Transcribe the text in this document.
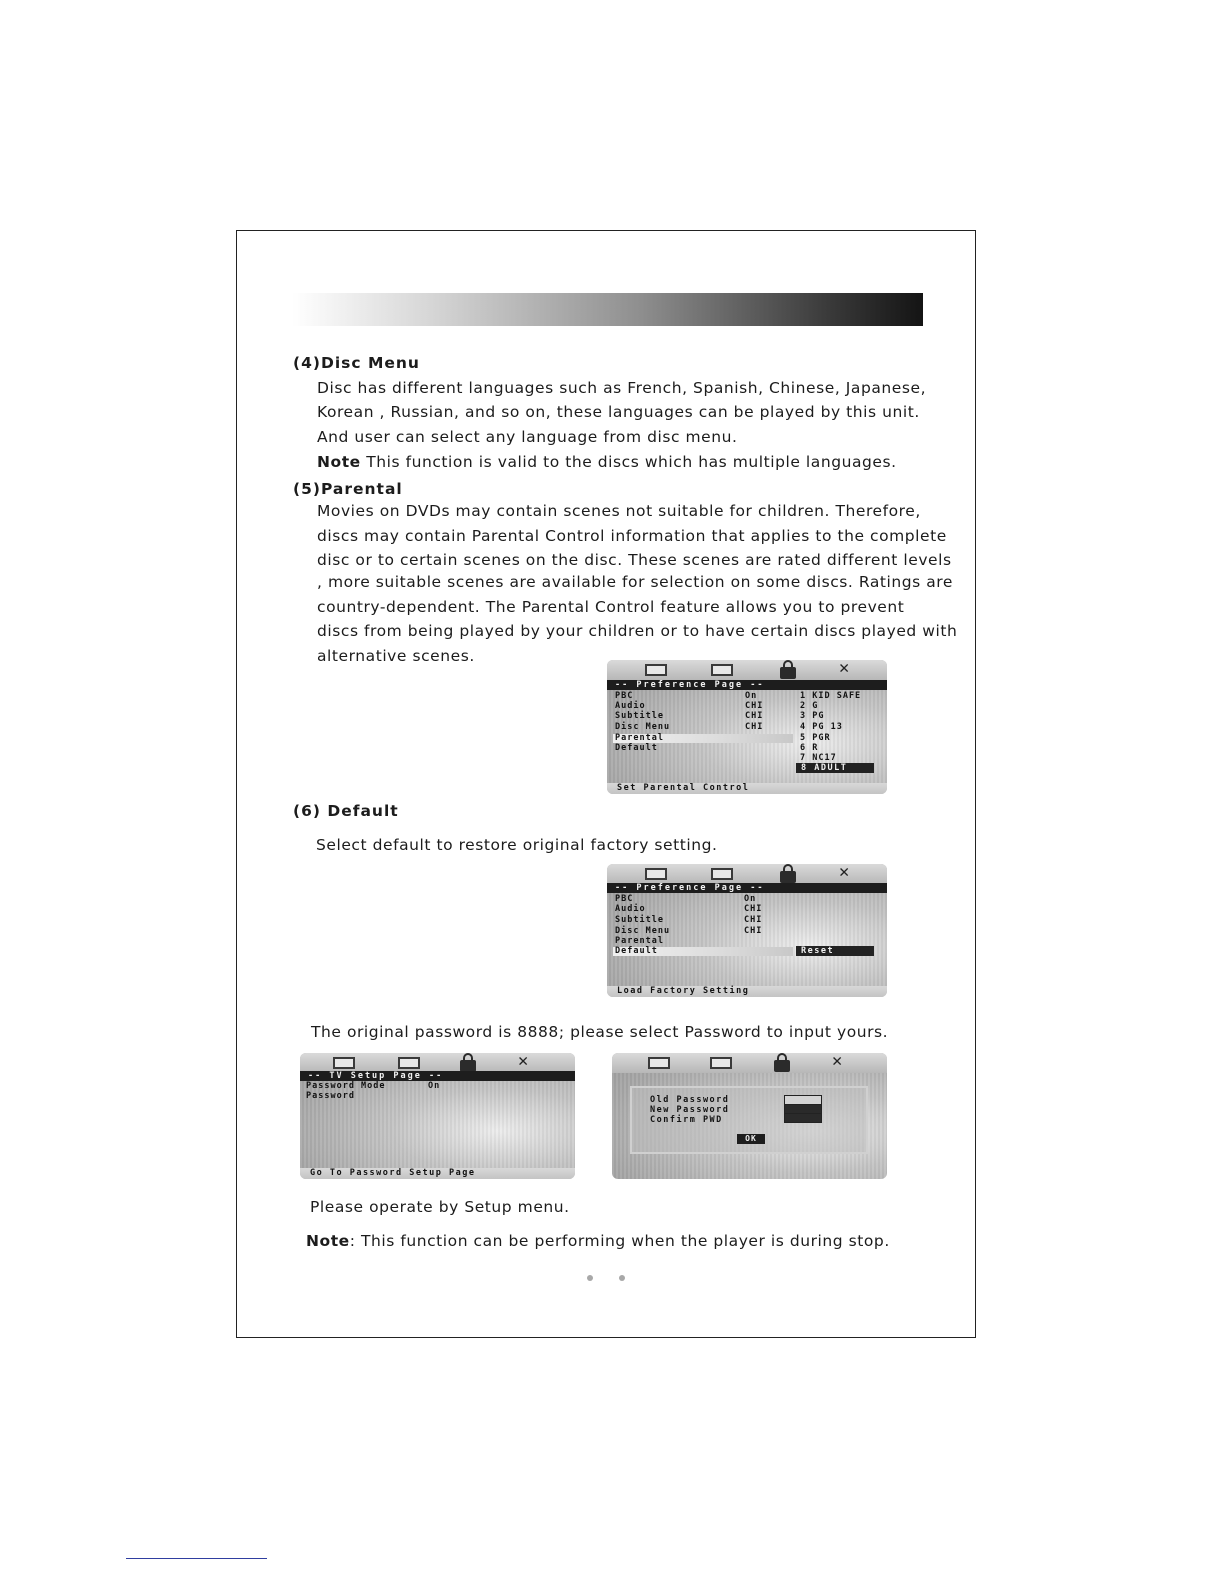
(4)Disc Menu
Disc has different languages such as French, Spanish, Chinese, Japanese,
Korean , Russian, and so on, these languages can be played by this unit.
And user can select any language from disc menu.
Note This function is valid to the discs which has multiple languages.
(5)Parental
Movies on DVDs may contain scenes not suitable for children. Therefore,
discs may contain Parental Control information that applies to the complete
disc or to certain scenes on the disc. These scenes are rated different levels
, more suitable scenes are available for selection on some discs. Ratings are
country-dependent. The Parental Control feature allows you to prevent
discs from being played by your children or to have certain discs played with
alternative scenes.
✕
-- Preference Page --
PBC
Audio
Subtitle
Disc Menu
Parental
Default
On
CHI
CHI
CHI
1 KID SAFE
2 G
3 PG
4 PG 13
5 PGR
6 R
7 NC17
8 ADULT
Set Parental Control
(6) Default
Select default to restore original factory setting.
✕
-- Preference Page --
PBC
Audio
Subtitle
Disc Menu
Parental
Default
On
CHI
CHI
CHI
Reset
Load Factory Setting
The original password is 8888; please select Password to input yours.
✕
-- TV Setup Page --
Password Mode	On
Password
Go To Password Setup Page
✕
Old Password
New Password
Confirm PWD
OK
Please operate by Setup menu.
Note: This function can be performing when the player is during stop.
